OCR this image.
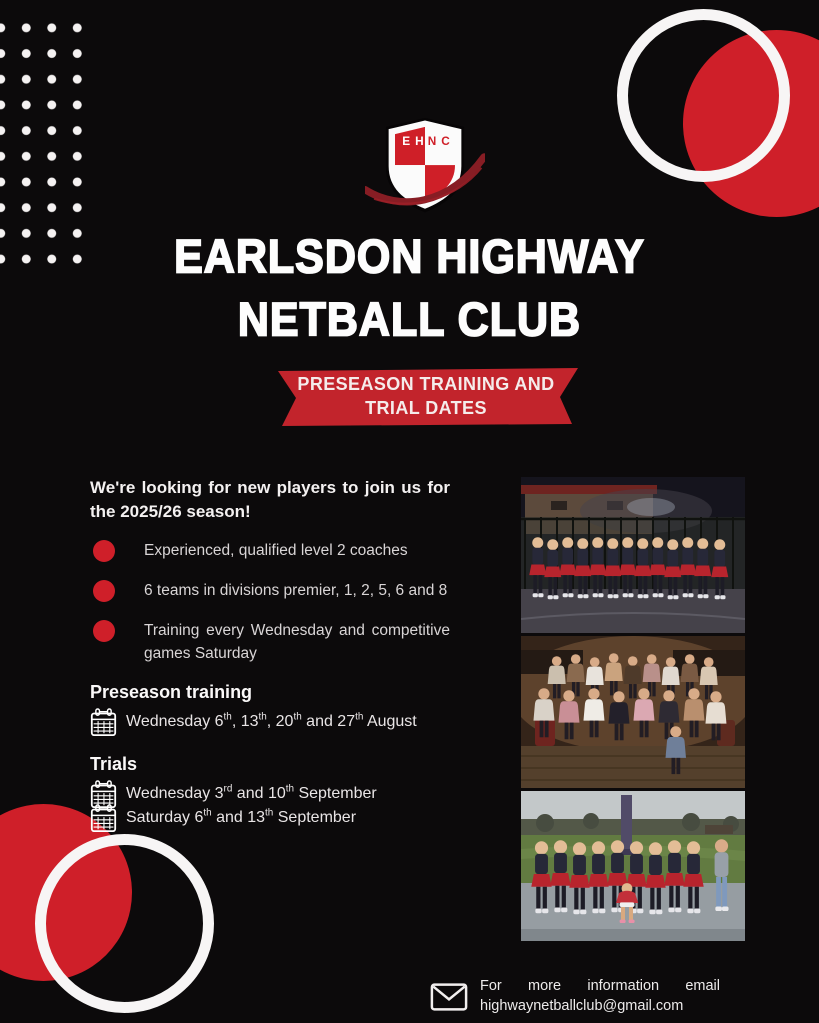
EH NC
EARLSDON HIGHWAY
NETBALL CLUB
PRESEASON TRAINING AND
TRIAL DATES

We're looking for new players to join us for the 2025/26 season!

Experienced, qualified level 2 coaches

6 teams in divisions premier, 1, 2, 5, 6 and 8

Training every Wednesday and competitive games Saturday

Preseason training

Wednesday 6th, 13th, 20th and 27th August

Trials

Wednesday 3rd and 10th September

Saturday 6th and 13th September

For more information email highwaynetballclub@gmail.com
